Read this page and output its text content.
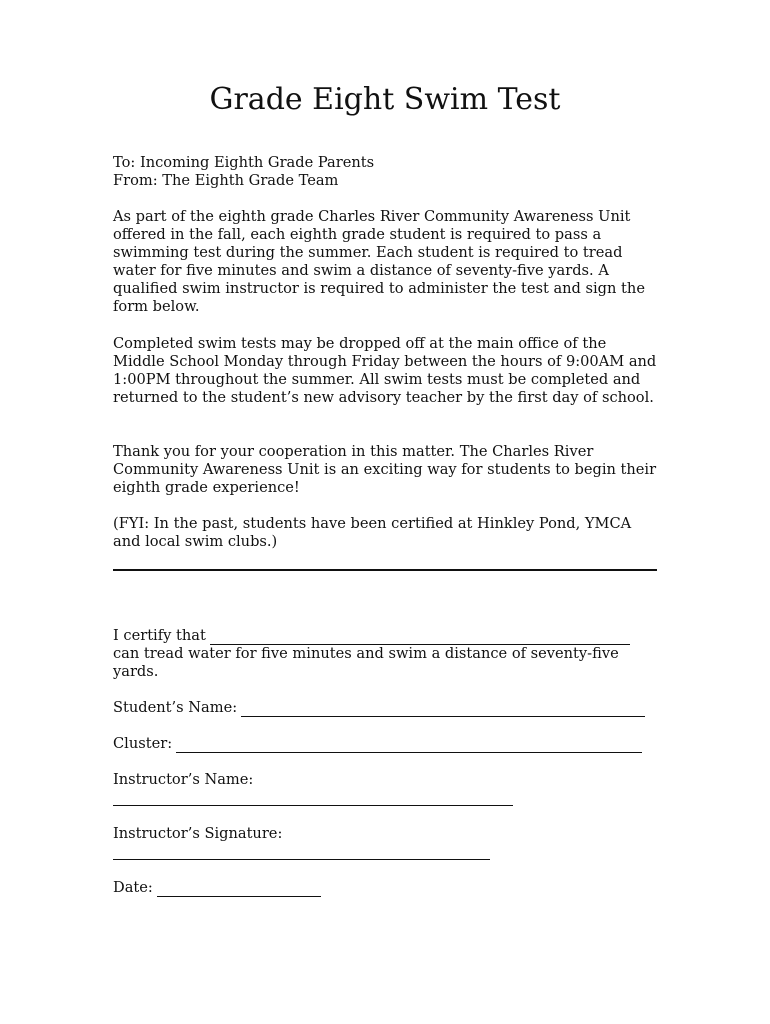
Grade Eight Swim Test

To: Incoming Eighth Grade Parents

From: The Eighth Grade Team

As part of the eighth grade Charles River Community Awareness Unit offered in the fall, each eighth grade student is required to pass a swimming test during the summer. Each student is required to tread water for five minutes and swim a distance of seventy-five yards. A qualified swim instructor is required to administer the test and sign the form below.

Completed swim tests may be dropped off at the main office of the Middle School Monday through Friday between the hours of 9:00AM and 1:00PM throughout the summer. All swim tests must be completed and returned to the student’s new advisory teacher by the first day of school.

Thank you for your cooperation in this matter. The Charles River Community Awareness Unit is an exciting way for students to begin their eighth grade experience!

(FYI: In the past, students have been certified at Hinkley Pond, YMCA and local swim clubs.)

I certify that

can tread water for five minutes and swim a distance of seventy-five yards.

Student’s Name:
Cluster:
Instructor’s Name:
Instructor’s Signature:
Date:
